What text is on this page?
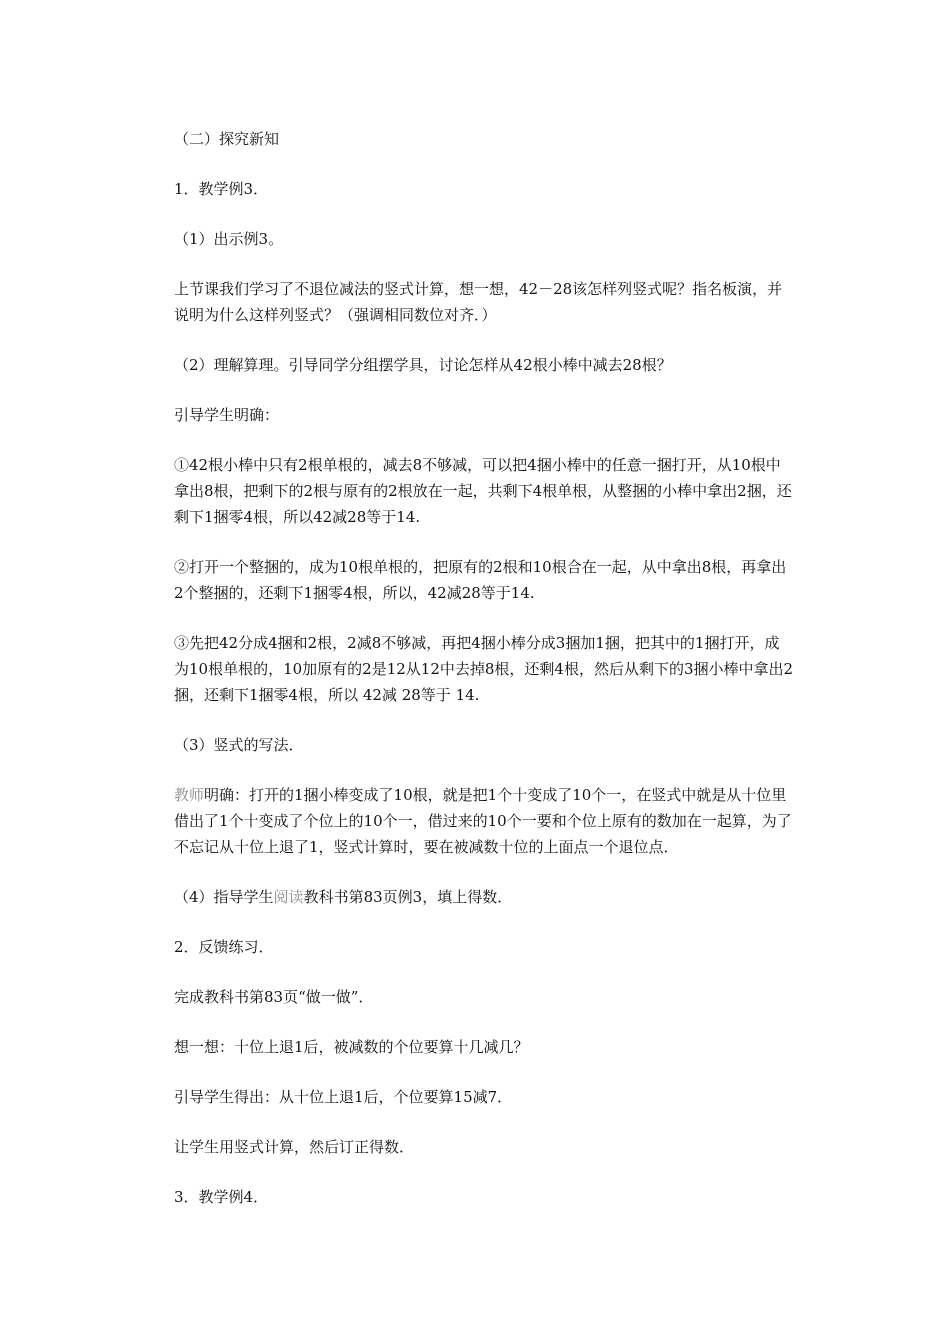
（二）探究新知

1．教学例3．

（1）出示例3。

上节课我们学习了不退位减法的竖式计算，想一想，42－28该怎样列竖式呢？指名板演，并说明为什么这样列竖式？（强调相同数位对齐．）

（2）理解算理。引导同学分组摆学具，讨论怎样从42根小棒中减去28根？

引导学生明确：

①42根小棒中只有2根单根的，减去8不够减，可以把4捆小棒中的任意一捆打开，从10根中拿出8根，把剩下的2根与原有的2根放在一起，共剩下4根单根，从整捆的小棒中拿出2捆，还剩下1捆零4根，所以42减28等于14.

②打开一个整捆的，成为10根单根的，把原有的2根和10根合在一起，从中拿出8根，再拿出2个整捆的，还剩下1捆零4根，所以，42减28等于14.

③先把42分成4捆和2根，2减8不够减，再把4捆小棒分成3捆加1捆，把其中的1捆打开，成为10根单根的，10加原有的2是12从12中去掉8根，还剩4根，然后从剩下的3捆小棒中拿出2捆，还剩下1捆零4根，所以 42减 28等于 14.

（3）竖式的写法．

教师明确：打开的1捆小棒变成了10根，就是把1个十变成了10个一，在竖式中就是从十位里借出了1个十变成了个位上的10个一，借过来的10个一要和个位上原有的数加在一起算，为了不忘记从十位上退了1，竖式计算时，要在被减数十位的上面点一个退位点．

（4）指导学生阅读教科书第83页例3，填上得数．

2．反馈练习．

完成教科书第83页“做一做”．

想一想：十位上退1后，被减数的个位要算十几减几？

引导学生得出：从十位上退1后，个位要算15减7．

让学生用竖式计算，然后订正得数．

3．教学例4．
